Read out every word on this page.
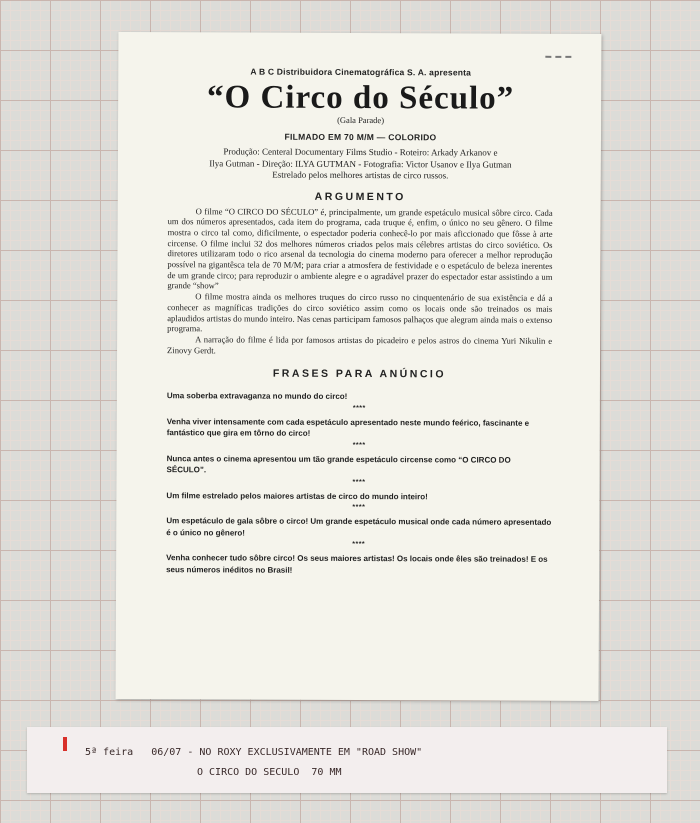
A B C Distribuidora Cinematográfica S. A. apresenta

“O Circo do Século”

(Gala Parade)

FILMADO EM 70 M/M — COLORIDO

Produção: Centeral Documentary Films Studio - Roteiro: Arkady Arkanov e
Ilya Gutman - Direção: ILYA GUTMAN - Fotografia: Victor Usanov e Ilya Gutman
Estrelado pelos melhores artistas de circo russos.
ARGUMENTO

O filme “O CIRCO DO SÉCULO” é, principalmente, um grande espetáculo musical sôbre circo. Cada um dos números apresentados, cada item do programa, cada truque é, enfim, o único no seu gênero. O filme mostra o circo tal como, dificilmente, o espectador poderia conhecê-lo por mais aficcionado que fôsse à arte circense. O filme inclui 32 dos melhores números criados pelos mais célebres artistas do circo soviético. Os diretores utilizaram todo o rico arsenal da tecnologia do cinema moderno para oferecer a melhor reprodução possível na gigantêsca tela de 70 M/M; para criar a atmosfera de festividade e o espetáculo de beleza inerentes de um grande circo; para reproduzir o ambiente alegre e o agradável prazer do espectador estar assistindo a um grande “show”

O filme mostra ainda os melhores truques do circo russo no cinquentenário de sua existência e dá a conhecer as magníficas tradições do circo soviético assim como os locais onde são treinados os mais aplaudidos artistas do mundo inteiro. Nas cenas participam famosos palhaços que alegram ainda mais o extenso programa.

A narração do filme é lida por famosos artistas do picadeiro e pelos astros do cinema Yuri Nikulin e Zinovy Gerdt.

FRASES PARA ANÚNCIO

Uma soberba extravaganza no mundo do circo!

****

Venha viver intensamente com cada espetáculo apresentado neste mundo feérico, fascinante e fantástico que gira em tôrno do circo!

****

Nunca antes o cinema apresentou um tão grande espetáculo circense como “O CIRCO DO SÉCULO”.

****

Um filme estrelado pelos maiores artistas de circo do mundo inteiro!

****

Um espetáculo de gala sôbre o circo! Um grande espetáculo musical onde cada número apresentado é o único no gênero!

****

Venha conhecer tudo sôbre circo! Os seus maiores artistas! Os locais onde êles são treinados! E os seus números inéditos no Brasil!

5ª feira   06/07 - NO ROXY EXCLUSIVAMENTE EM "ROAD SHOW"
O CIRCO DO SECULO  70 MM
